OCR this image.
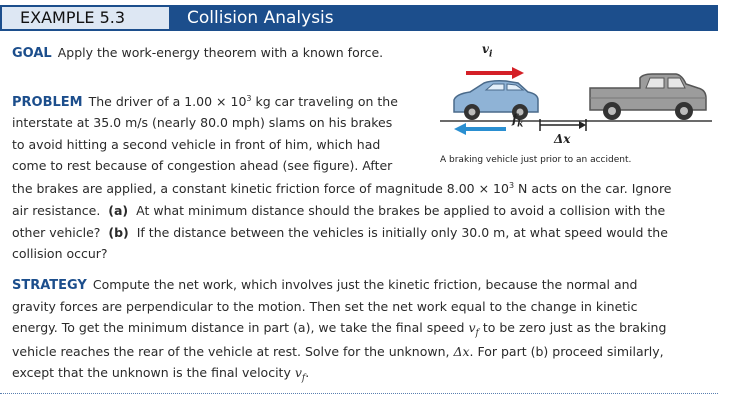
EXAMPLE 5.3	Collision Analysis
GOAL Apply the work-energy theorem with a known force.
PROBLEM The driver of a $1.00 \times 10^3$ kg car traveling on the
interstate at 35.0 m/s (nearly 80.0 mph) slams on his brakes
to avoid hitting a second vehicle in front of him, which had
come to rest because of congestion ahead (see figure). After
the brakes are applied, a constant kinetic friction force of magnitude $8.00 \times 10^3$ N acts on the car. Ignore
air resistance. (a) At what minimum distance should the brakes be applied to avoid a collision with the
other vehicle? (b) If the distance between the vehicles is initially only 30.0 m, at what speed would the
collision occur?
$v_i$
$f_k$
Δx
A braking vehicle just prior to an accident.
STRATEGY Compute the net work, which involves just the kinetic friction, because the normal and
gravity forces are perpendicular to the motion. Then set the net work equal to the change in kinetic
energy. To get the minimum distance in part (a), we take the final speed $v_f$ to be zero just as the braking
vehicle reaches the rear of the vehicle at rest. Solve for the unknown, Δx. For part (b) proceed similarly,
except that the unknown is the final velocity $v_f$.
